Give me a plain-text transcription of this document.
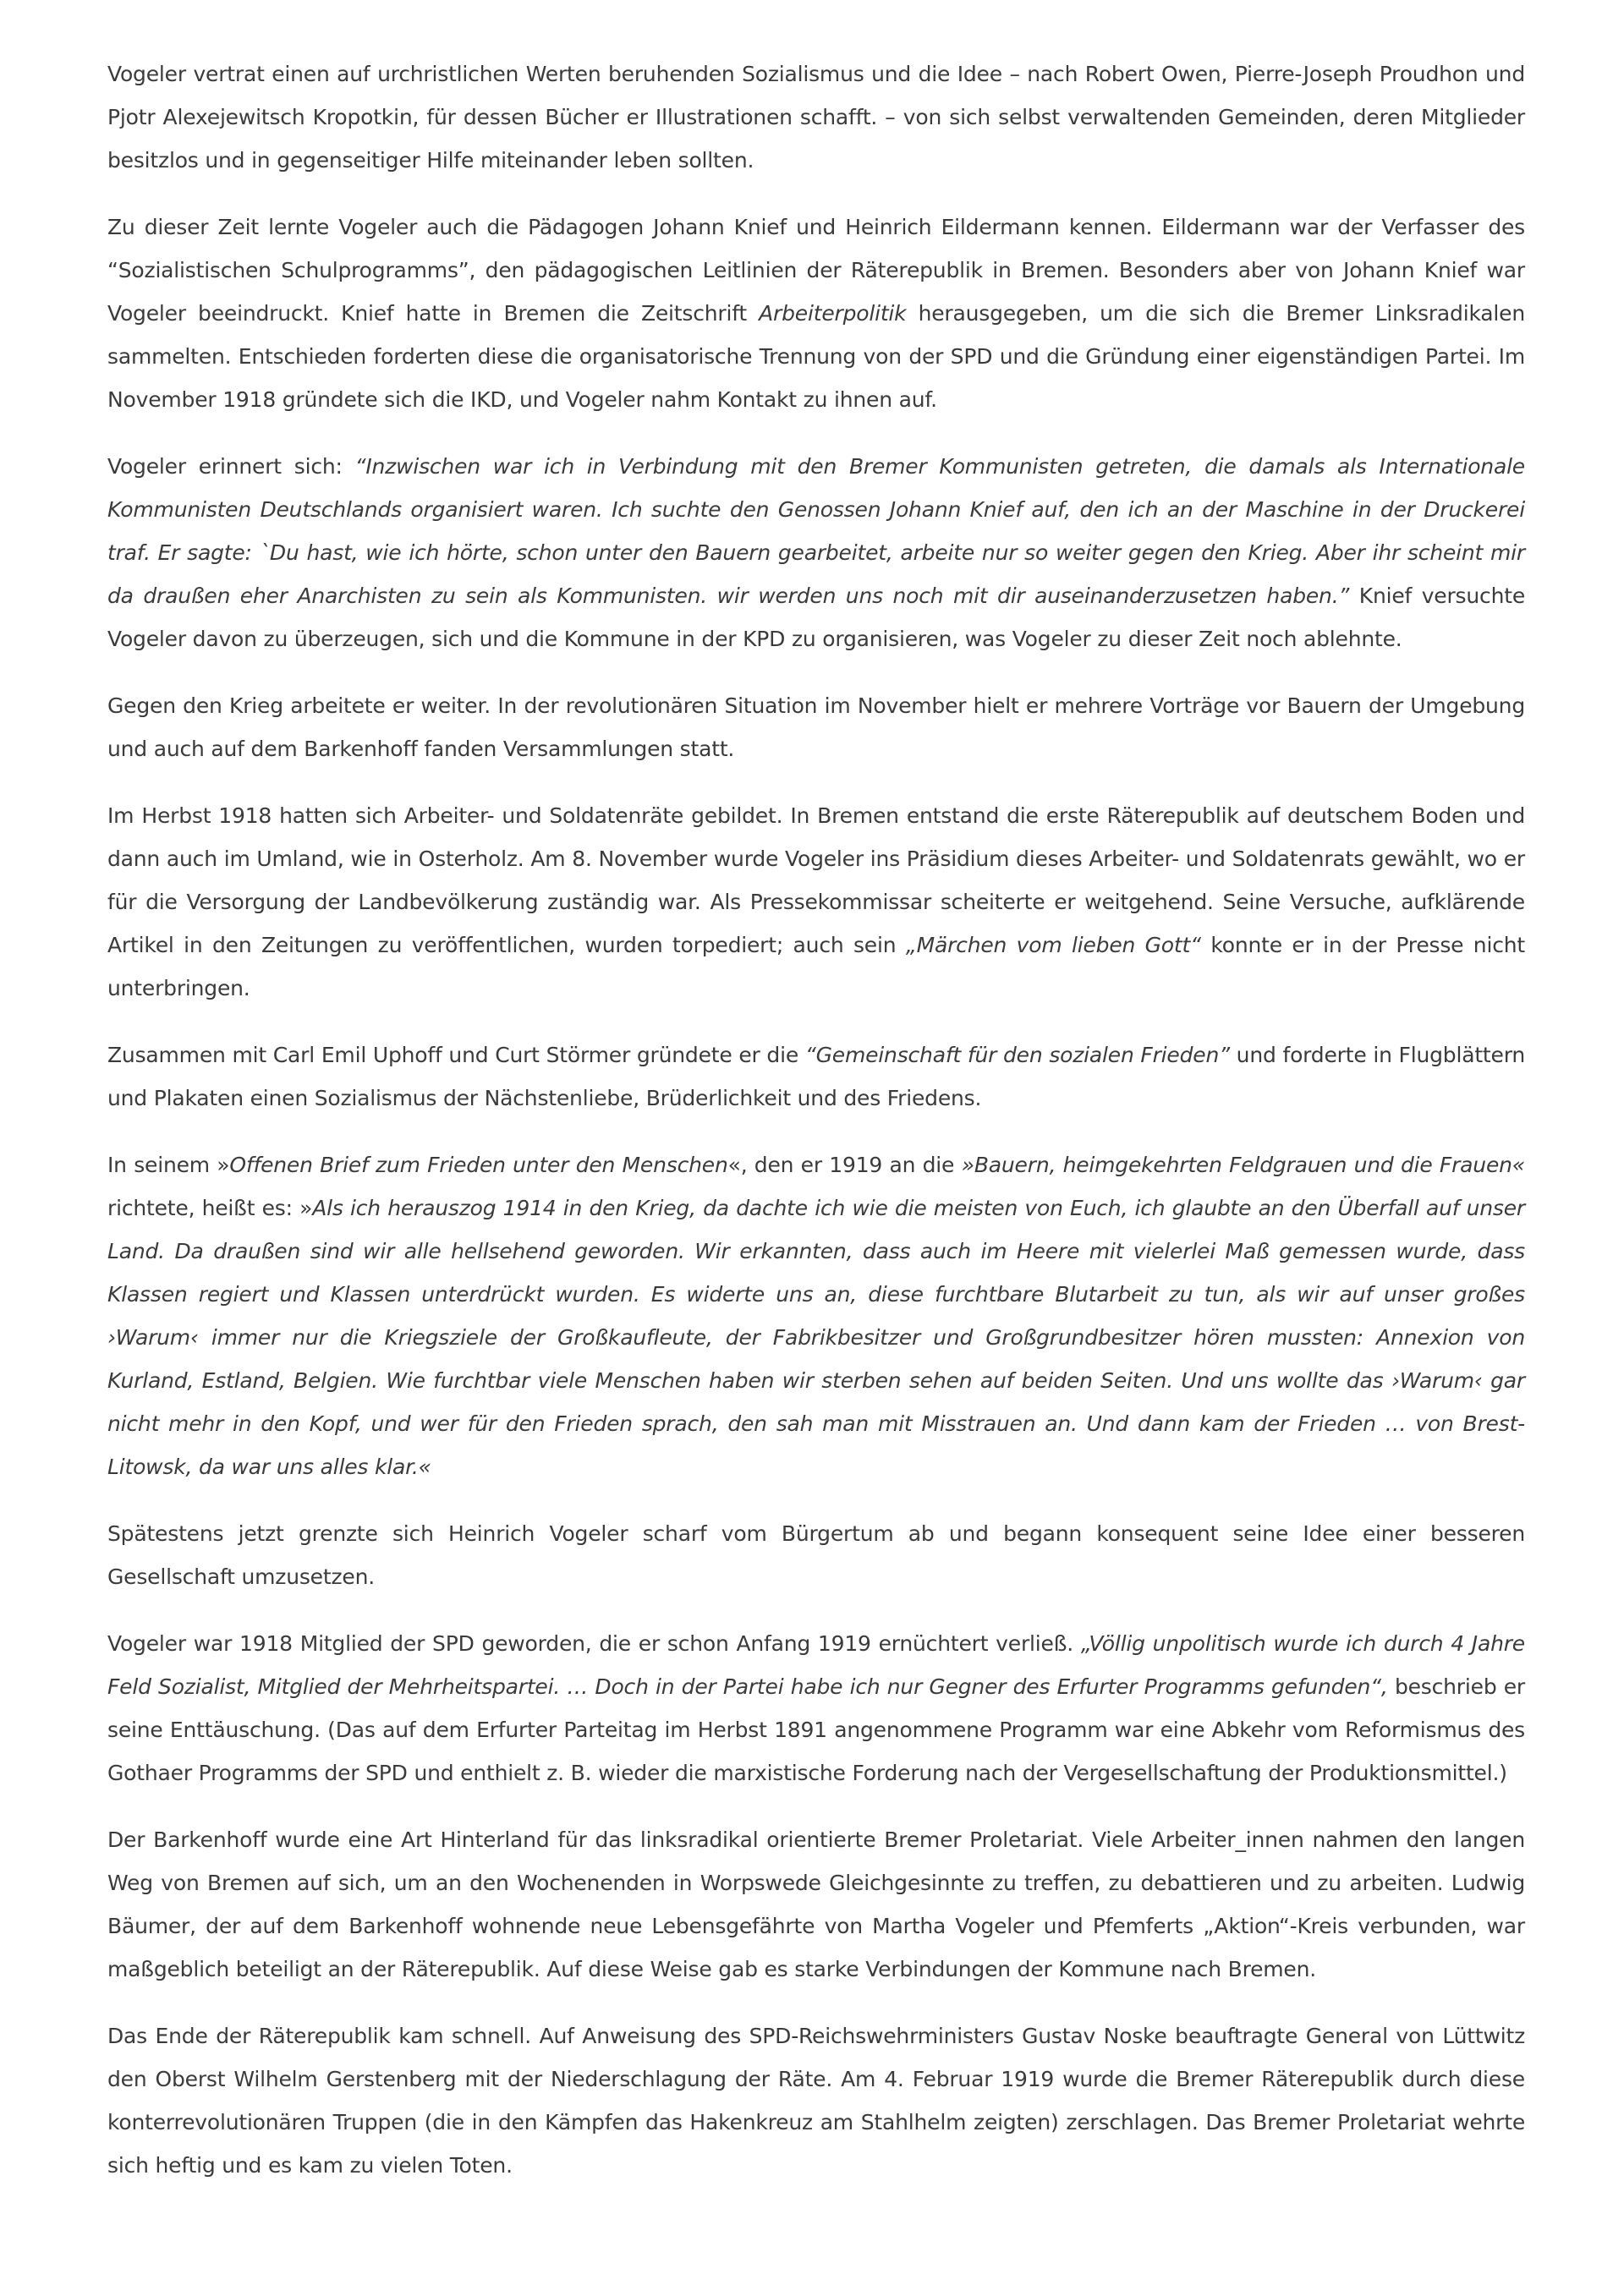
Vogeler vertrat einen auf urchristlichen Werten beruhenden Sozialismus und die Idee – nach Robert Owen, Pierre-Joseph Proudhon und Pjotr Alexejewitsch Kropotkin, für dessen Bücher er Illustrationen schafft. – von sich selbst verwaltenden Gemeinden, deren Mitglieder besitzlos und in gegenseitiger Hilfe miteinander leben sollten.

Zu dieser Zeit lernte Vogeler auch die Pädagogen Johann Knief und Heinrich Eildermann kennen. Eildermann war der Verfasser des “Sozialistischen Schulprogramms”, den pädagogischen Leitlinien der Räterepublik in Bremen. Besonders aber von Johann Knief war Vogeler beeindruckt. Knief hatte in Bremen die Zeitschrift Arbeiterpolitik herausgegeben, um die sich die Bremer Linksradikalen sammelten. Entschieden forderten diese die organisatorische Trennung von der SPD und die Gründung einer eigenständigen Partei. Im November 1918 gründete sich die IKD, und Vogeler nahm Kontakt zu ihnen auf.

Vogeler erinnert sich: “Inzwischen war ich in Verbindung mit den Bremer Kommunisten getreten, die damals als Internationale Kommunisten Deutschlands organisiert waren. Ich suchte den Genossen Johann Knief auf, den ich an der Maschine in der Druckerei traf. Er sagte: `Du hast, wie ich hörte, schon unter den Bauern gearbeitet, arbeite nur so weiter gegen den Krieg. Aber ihr scheint mir da draußen eher Anarchisten zu sein als Kommunisten. wir werden uns noch mit dir auseinanderzusetzen haben.” Knief versuchte Vogeler davon zu überzeugen, sich und die Kommune in der KPD zu organisieren, was Vogeler zu dieser Zeit noch ablehnte.

Gegen den Krieg arbeitete er weiter. In der revolutionären Situation im November hielt er mehrere Vorträge vor Bauern der Umgebung und auch auf dem Barkenhoff fanden Versammlungen statt.

Im Herbst 1918 hatten sich Arbeiter- und Soldatenräte gebildet. In Bremen entstand die erste Räterepublik auf deutschem Boden und dann auch im Umland, wie in Osterholz. Am 8. November wurde Vogeler ins Präsidium dieses Arbeiter- und Soldatenrats gewählt, wo er für die Versorgung der Landbevölkerung zuständig war. Als Pressekommissar scheiterte er weitgehend. Seine Versuche, aufklärende Artikel in den Zeitungen zu veröffentlichen, wurden torpediert; auch sein „Märchen vom lieben Gott“ konnte er in der Presse nicht unterbringen.

Zusammen mit Carl Emil Uphoff und Curt Störmer gründete er die “Gemeinschaft für den sozialen Frieden” und forderte in Flugblättern und Plakaten einen Sozialismus der Nächstenliebe, Brüderlichkeit und des Friedens.

In seinem »Offenen Brief zum Frieden unter den Menschen«, den er 1919 an die »Bauern, heimgekehrten Feldgrauen und die Frauen« richtete, heißt es: »Als ich herauszog 1914 in den Krieg, da dachte ich wie die meisten von Euch, ich glaubte an den Überfall auf unser Land. Da draußen sind wir alle hellsehend geworden. Wir erkannten, dass auch im Heere mit vielerlei Maß gemessen wurde, dass Klassen regiert und Klassen unterdrückt wurden. Es widerte uns an, diese furchtbare Blutarbeit zu tun, als wir auf unser großes ›Warum‹ immer nur die Kriegsziele der Großkaufleute, der Fabrikbesitzer und Großgrundbesitzer hören mussten: Annexion von Kurland, Estland, Belgien. Wie furchtbar viele Menschen haben wir sterben sehen auf beiden Seiten. Und uns wollte das ›Warum‹ gar nicht mehr in den Kopf, und wer für den Frieden sprach, den sah man mit Misstrauen an. Und dann kam der Frieden … von Brest-Litowsk, da war uns alles klar.«

Spätestens jetzt grenzte sich Heinrich Vogeler scharf vom Bürgertum ab und begann konsequent seine Idee einer besseren Gesellschaft umzusetzen.

Vogeler war 1918 Mitglied der SPD geworden, die er schon Anfang 1919 ernüchtert verließ. „Völlig unpolitisch wurde ich durch 4 Jahre Feld Sozialist, Mitglied der Mehrheitspartei. … Doch in der Partei habe ich nur Gegner des Erfurter Programms gefunden“, beschrieb er seine Enttäuschung. (Das auf dem Erfurter Parteitag im Herbst 1891 angenommene Programm war eine Abkehr vom Reformismus des Gothaer Programms der SPD und enthielt z. B. wieder die marxistische Forderung nach der Vergesellschaftung der Produktionsmittel.)

Der Barkenhoff wurde eine Art Hinterland für das linksradikal orientierte Bremer Proletariat. Viele Arbeiter_innen nahmen den langen Weg von Bremen auf sich, um an den Wochenenden in Worpswede Gleichgesinnte zu treffen, zu debattieren und zu arbeiten. Ludwig Bäumer, der auf dem Barkenhoff wohnende neue Lebensgefährte von Martha Vogeler und Pfemferts „Aktion“-Kreis verbunden, war maßgeblich beteiligt an der Räterepublik. Auf diese Weise gab es starke Verbindungen der Kommune nach Bremen.

Das Ende der Räterepublik kam schnell. Auf Anweisung des SPD-Reichswehrministers Gustav Noske beauftragte General von Lüttwitz den Oberst Wilhelm Gerstenberg mit der Niederschlagung der Räte. Am 4. Februar 1919 wurde die Bremer Räterepublik durch diese konterrevolutionären Truppen (die in den Kämpfen das Hakenkreuz am Stahlhelm zeigten) zerschlagen. Das Bremer Proletariat wehrte sich heftig und es kam zu vielen Toten.
